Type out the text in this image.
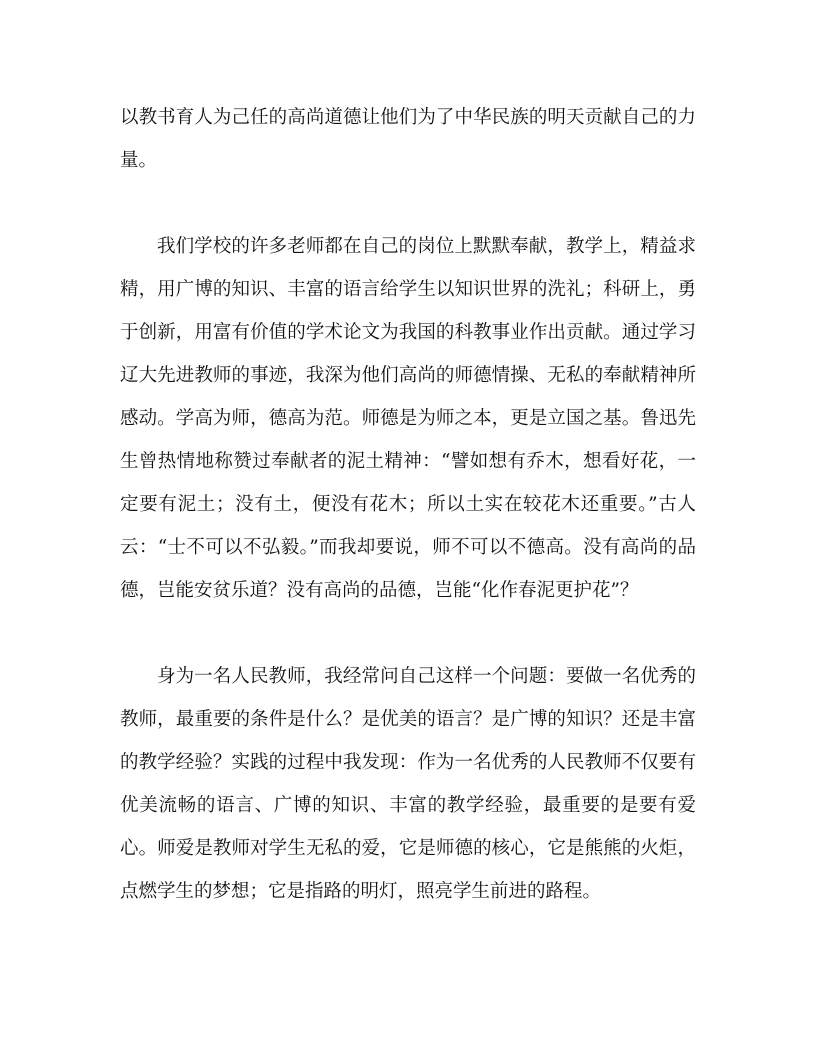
以教书育人为己任的高尚道德让他们为了中华民族的明天贡献自己的力量。

我们学校的许多老师都在自己的岗位上默默奉献，教学上，精益求精，用广博的知识、丰富的语言给学生以知识世界的洗礼；科研上，勇于创新，用富有价值的学术论文为我国的科教事业作出贡献。通过学习辽大先进教师的事迹，我深为他们高尚的师德情操、无私的奉献精神所感动。学高为师，德高为范。师德是为师之本，更是立国之基。鲁迅先生曾热情地称赞过奉献者的泥土精神：“譬如想有乔木，想看好花，一定要有泥土；没有土，便没有花木；所以土实在较花木还重要。”古人云：“士不可以不弘毅。”而我却要说，师不可以不德高。没有高尚的品德，岂能安贫乐道？没有高尚的品德，岂能“化作春泥更护花”？

身为一名人民教师，我经常问自己这样一个问题：要做一名优秀的教师，最重要的条件是什么？是优美的语言？是广博的知识？还是丰富的教学经验？实践的过程中我发现：作为一名优秀的人民教师不仅要有优美流畅的语言、广博的知识、丰富的教学经验，最重要的是要有爱心。师爱是教师对学生无私的爱，它是师德的核心，它是熊熊的火炬，点燃学生的梦想；它是指路的明灯，照亮学生前进的路程。
